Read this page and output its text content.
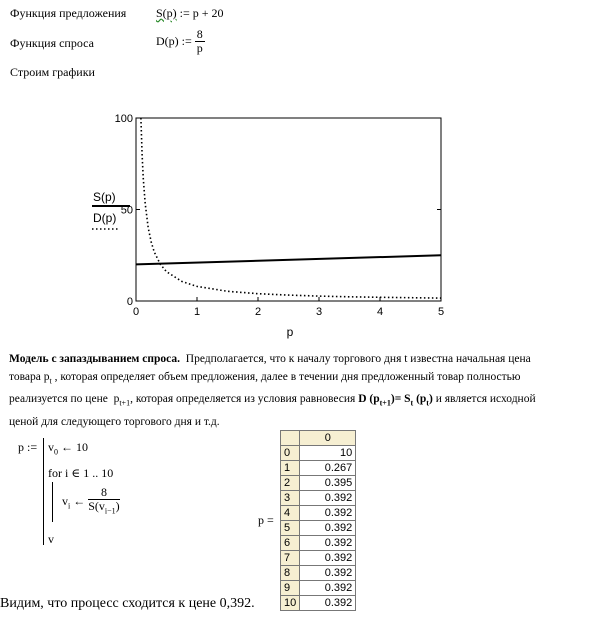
Функция предложения S(p) := p + 20
Функция спроса	D(p) := $\frac{8}{p}$
Строим графики
0	1	2	3	4	5
0
50
100
p
S(p)
D(p)
Модель с запаздыванием спроса. Предполагается, что к началу торгового дня t известна начальная цена
товара $p_t$ , которая определяет объем предложения, далее в течении дня предложенный товар полностью
реализуется по цене $p_{t+1}$, которая определяется из условия равновесия D $(p_{t+1})= S_t$ $(p_t)$ и является исходной
ценой для следующего торгового дня и т.д.
p := $v_0$ ← 10
for i ∈ 1 .. 10
$v_i$ ← $\frac{8}{S(v_{i-1})}$
v
p =
	0
0	10
1	0.267
2	0.395
3	0.392
4	0.392
5	0.392
6	0.392
7	0.392
8	0.392
9	0.392
10	0.392
Видим, что процесс сходится к цене 0,392.
